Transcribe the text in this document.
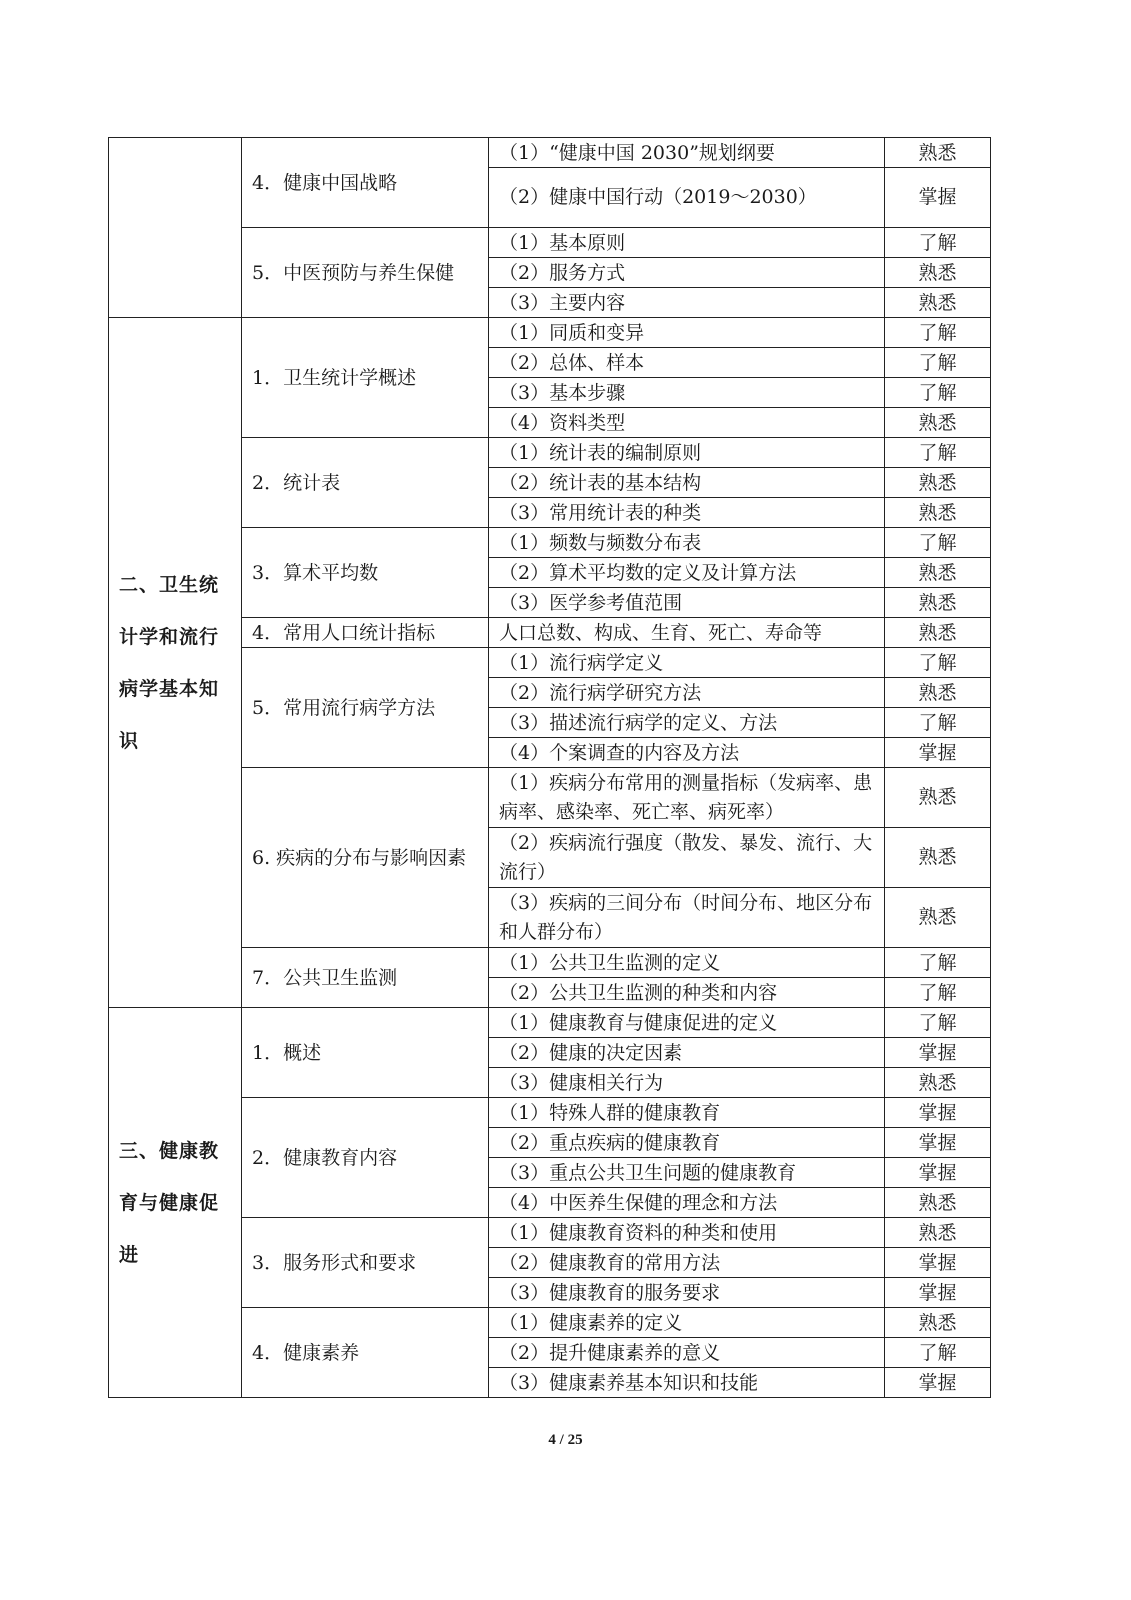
	4．健康中国战略	（1）“健康中国 2030”规划纲要	熟悉
		（2）健康中国行动（2019～2030）	掌握
	5．中医预防与养生保健	（1）基本原则	了解
		（2）服务方式	熟悉
		（3）主要内容	熟悉
二、卫生统计学和流行病学基本知识	1．卫生统计学概述	（1）同质和变异	了解
		（2）总体、样本	了解
		（3）基本步骤	了解
		（4）资料类型	熟悉
	2．统计表	（1）统计表的编制原则	了解
		（2）统计表的基本结构	熟悉
		（3）常用统计表的种类	熟悉
	3．算术平均数	（1）频数与频数分布表	了解
		（2）算术平均数的定义及计算方法	熟悉
		（3）医学参考值范围	熟悉
	4．常用人口统计指标	人口总数、构成、生育、死亡、寿命等	熟悉
	5．常用流行病学方法	（1）流行病学定义	了解
		（2）流行病学研究方法	熟悉
		（3）描述流行病学的定义、方法	了解
		（4）个案调查的内容及方法	掌握
	6. 疾病的分布与影响因素	（1）疾病分布常用的测量指标（发病率、患病率、感染率、死亡率、病死率）	熟悉
		（2）疾病流行强度（散发、暴发、流行、大流行）	熟悉
		（3）疾病的三间分布（时间分布、地区分布和人群分布）	熟悉
	7．公共卫生监测	（1）公共卫生监测的定义	了解
		（2）公共卫生监测的种类和内容	了解
三、健康教育与健康促进	1．概述	（1）健康教育与健康促进的定义	了解
		（2）健康的决定因素	掌握
		（3）健康相关行为	熟悉
	2．健康教育内容	（1）特殊人群的健康教育	掌握
		（2）重点疾病的健康教育	掌握
		（3）重点公共卫生问题的健康教育	掌握
		（4）中医养生保健的理念和方法	熟悉
	3．服务形式和要求	（1）健康教育资料的种类和使用	熟悉
		（2）健康教育的常用方法	掌握
		（3）健康教育的服务要求	掌握
	4．健康素养	（1）健康素养的定义	熟悉
		（2）提升健康素养的意义	了解
		（3）健康素养基本知识和技能	掌握
4 / 25
